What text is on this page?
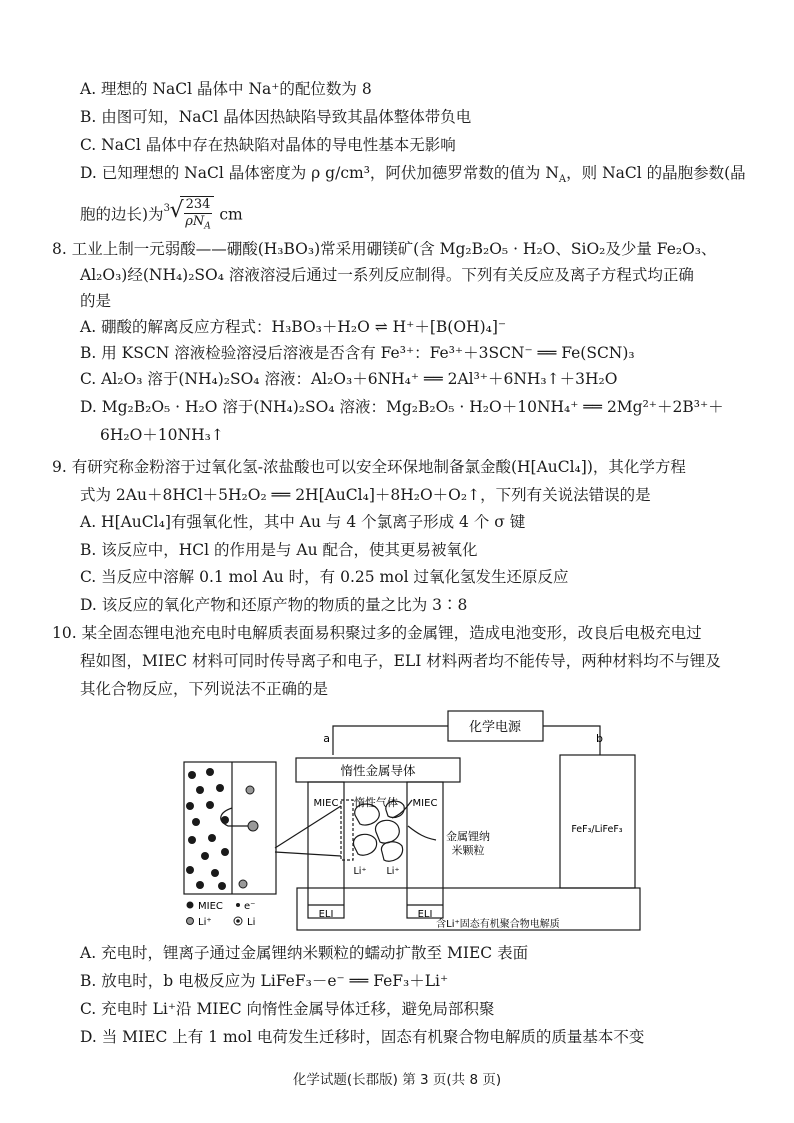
A. 理想的 NaCl 晶体中 Na⁺的配位数为 8
B. 由图可知，NaCl 晶体因热缺陷导致其晶体整体带负电
C. NaCl 晶体中存在热缺陷对晶体的导电性基本无影响
D. 已知理想的 NaCl 晶体密度为 ρ g/cm³，阿伏加德罗常数的值为 $N_A$，则 NaCl 的晶胞参数(晶
胞的边长)为 3 √ $\frac{234}{\rho N_A}$ cm
8. 工业上制一元弱酸——硼酸(H₃BO₃)常采用硼镁矿(含 Mg₂B₂O₅ · H₂O、SiO₂及少量 Fe₂O₃、
Al₂O₃)经(NH₄)₂SO₄ 溶液溶浸后通过一系列反应制得。下列有关反应及离子方程式均正确
的是
A. 硼酸的解离反应方程式：H₃BO₃＋H₂O ⇌ H⁺＋[B(OH)₄]⁻
B. 用 KSCN 溶液检验溶浸后溶液是否含有 Fe³⁺：Fe³⁺＋3SCN⁻ ══ Fe(SCN)₃
C. Al₂O₃ 溶于(NH₄)₂SO₄ 溶液：Al₂O₃＋6NH₄⁺ ══ 2Al³⁺＋6NH₃↑＋3H₂O
D. Mg₂B₂O₅ · H₂O 溶于(NH₄)₂SO₄ 溶液：Mg₂B₂O₅ · H₂O＋10NH₄⁺ ══ 2Mg²⁺＋2B³⁺＋
6H₂O＋10NH₃↑
9. 有研究称金粉溶于过氧化氢-浓盐酸也可以安全环保地制备氯金酸(H[AuCl₄])，其化学方程
式为 2Au＋8HCl＋5H₂O₂ ══ 2H[AuCl₄]＋8H₂O＋O₂↑，下列有关说法错误的是
A. H[AuCl₄]有强氧化性，其中 Au 与 4 个氯离子形成 4 个 σ 键
B. 该反应中，HCl 的作用是与 Au 配合，使其更易被氧化
C. 当反应中溶解 0.1 mol Au 时，有 0.25 mol 过氧化氢发生还原反应
D. 该反应的氧化产物和还原产物的物质的量之比为 3∶8
10. 某全固态锂电池充电时电解质表面易积聚过多的金属锂，造成电池变形，改良后电极充电过
程如图，MIEC 材料可同时传导离子和电子，ELI 材料两者均不能传导，两种材料均不与锂及
其化合物反应，下列说法不正确的是
化学电源
a	b
惰性金属导体
MIEC	MIEC
惰性气体
金属锂纳
米颗粒
Li⁺ Li⁺
ELI	ELI
含Li⁺固态有机聚合物电解质
FeF₃/LiFeF₃
MIEC e⁻
Li⁺	Li
A. 充电时，锂离子通过金属锂纳米颗粒的蠕动扩散至 MIEC 表面
B. 放电时，b 电极反应为 LiFeF₃－e⁻ ══ FeF₃＋Li⁺
C. 充电时 Li⁺沿 MIEC 向惰性金属导体迁移，避免局部积聚
D. 当 MIEC 上有 1 mol 电荷发生迁移时，固态有机聚合物电解质的质量基本不变
化学试题(长郡版) 第 3 页(共 8 页)
